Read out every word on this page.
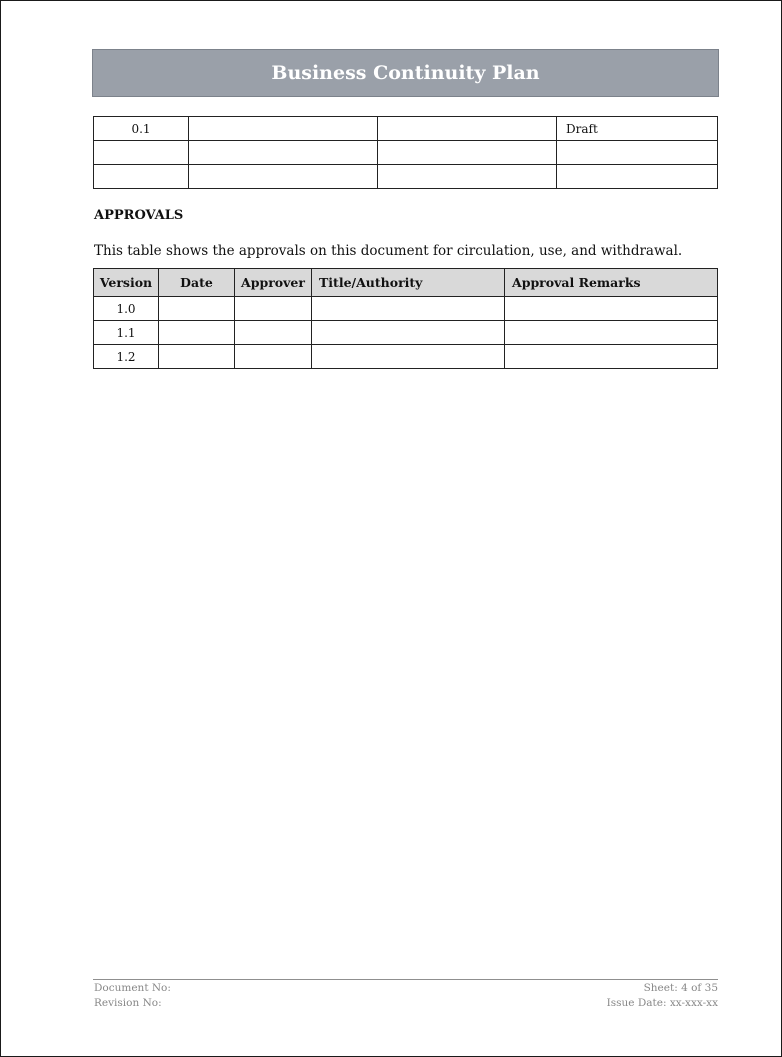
Business Continuity Plan
0.1			Draft

APPROVALS
This table shows the approvals on this document for circulation, use, and withdrawal.
Version	Date	Approver	Title/Authority	Approval Remarks
1.0				
1.1				
1.2				
Document No:	Sheet: 4 of 35
Revision No:	Issue Date: xx-xxx-xx
